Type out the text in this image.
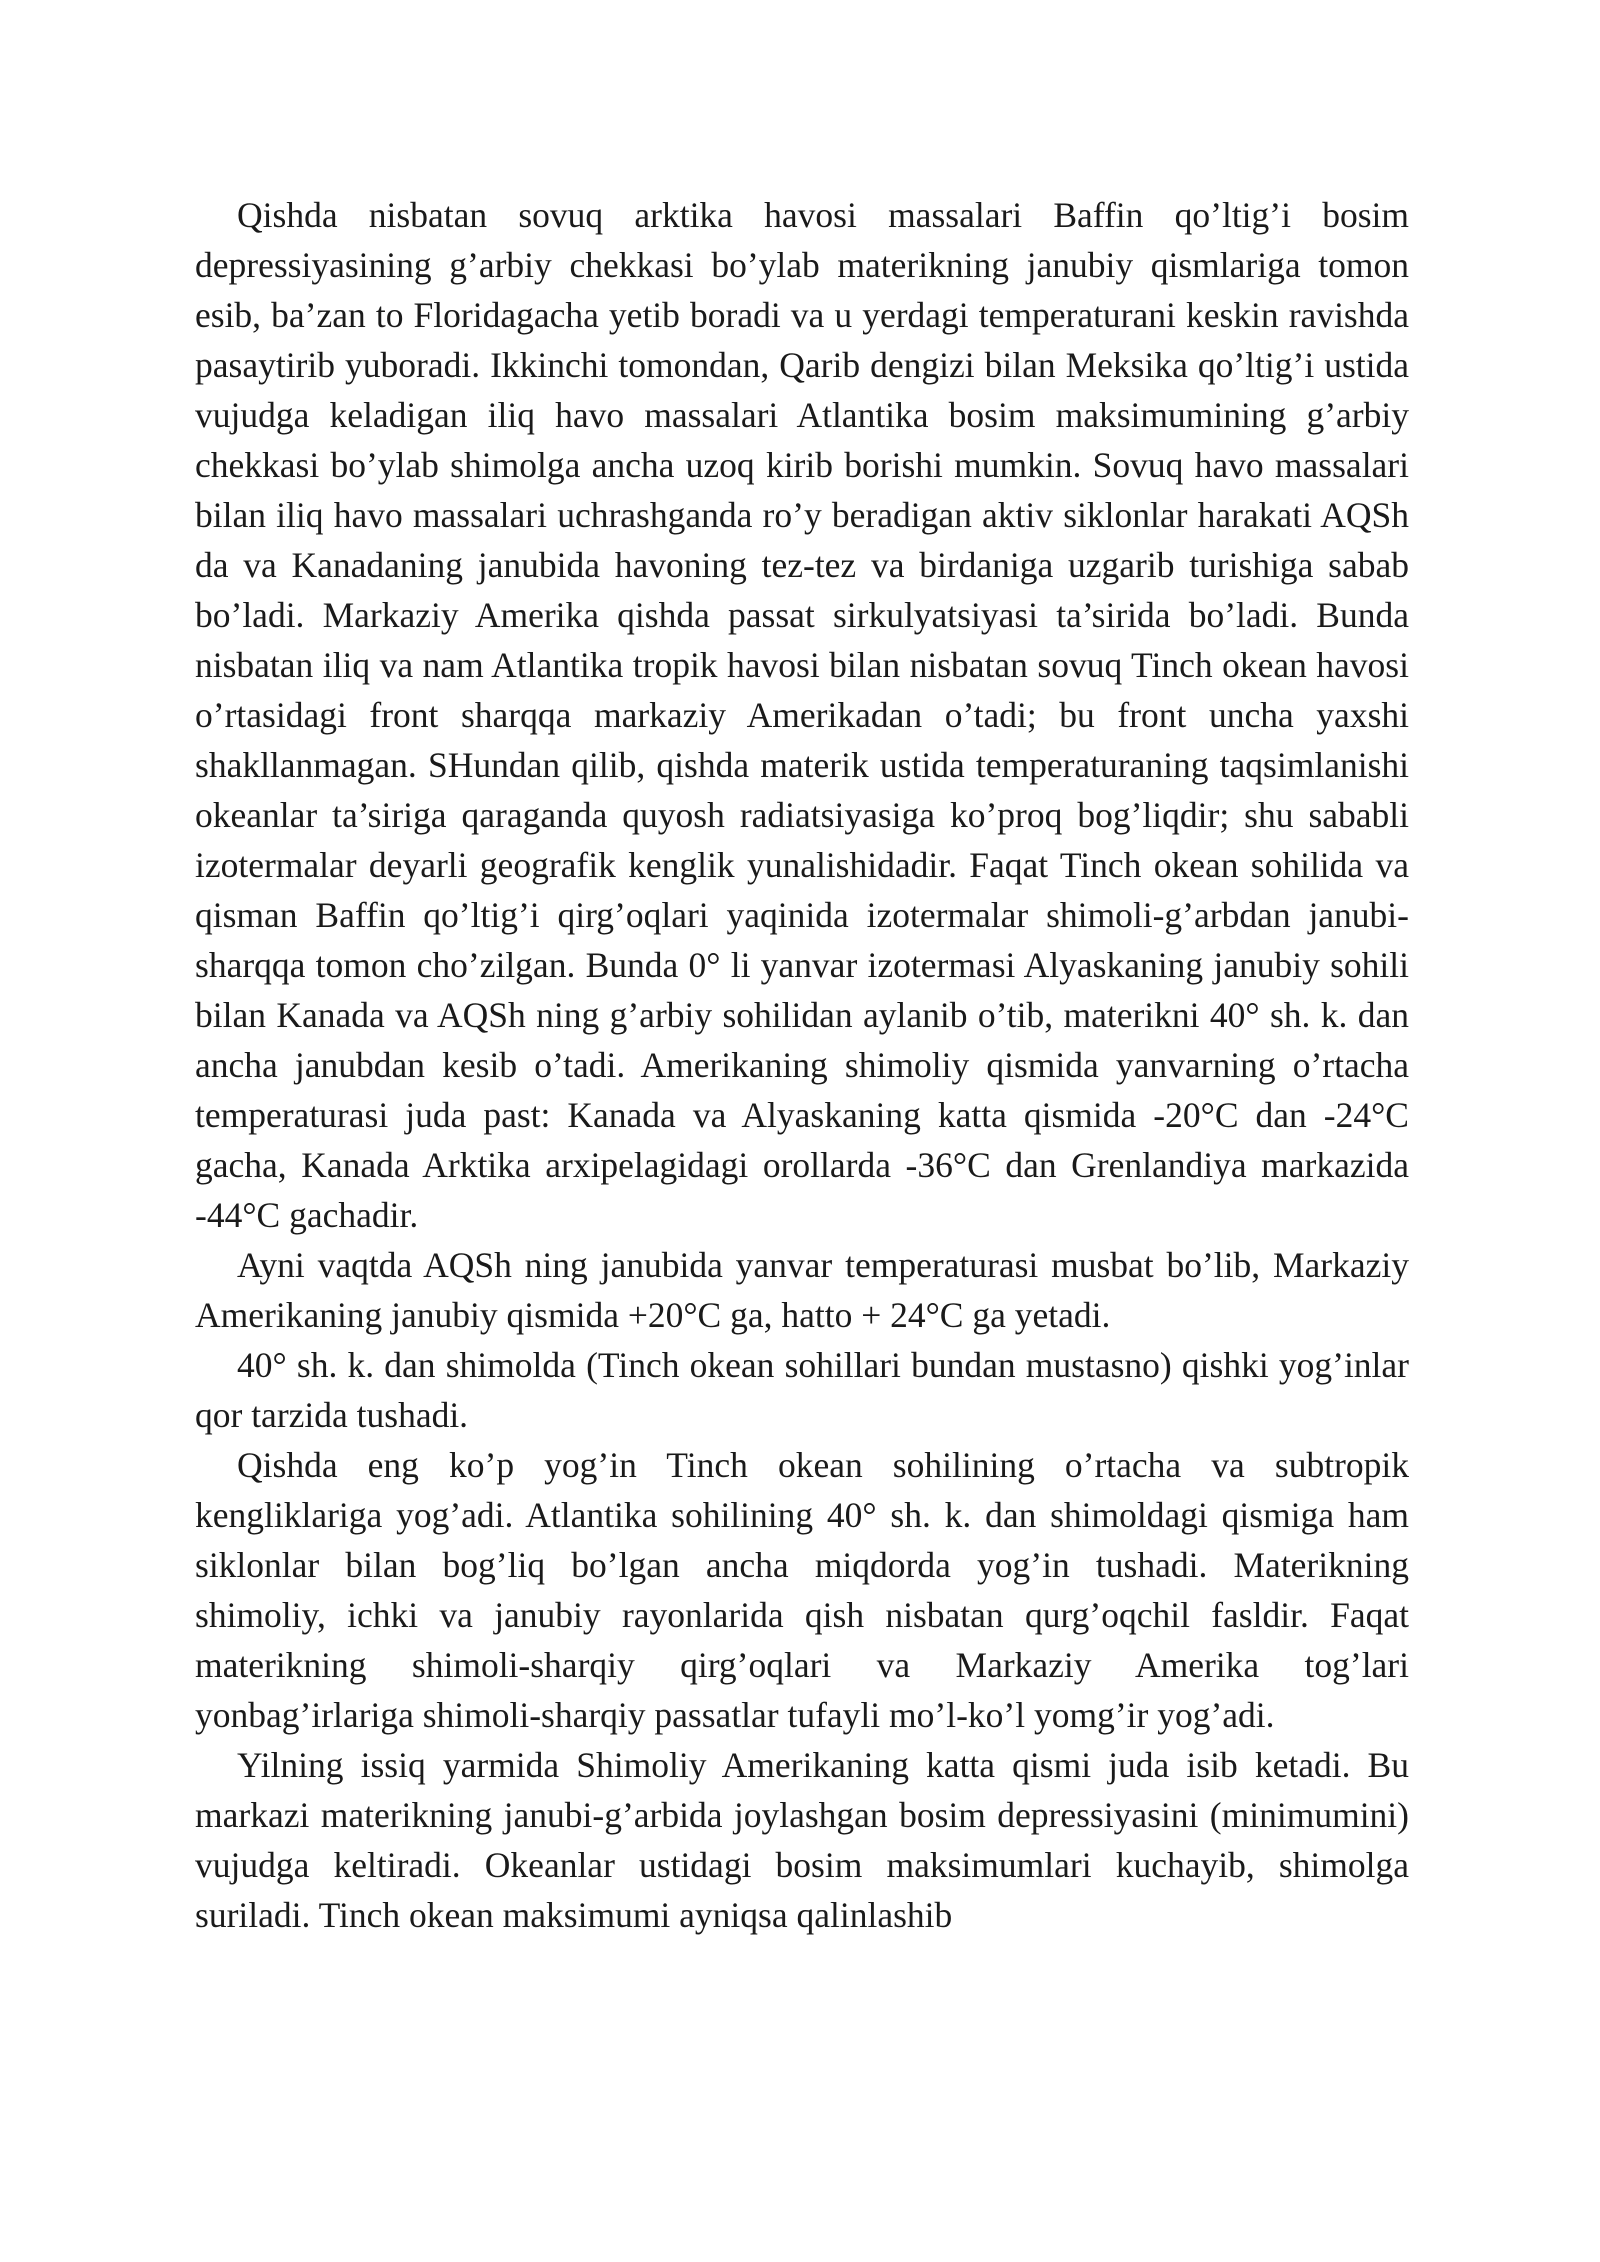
Qishda nisbatan sovuq arktika havosi massalari Baffin qo’ltig’i bosim depressiyasining g’arbiy chekkasi bo’ylab materikning janubiy qismlariga tomon esib, ba’zan to Floridagacha yetib boradi va u yerdagi temperaturani keskin ravishda pasaytirib yuboradi. Ikkinchi tomondan, Qarib dengizi bilan Meksika qo’ltig’i ustida vujudga keladigan iliq havo massalari Atlantika bosim maksimumining g’arbiy chekkasi bo’ylab shimolga ancha uzoq kirib borishi mumkin. Sovuq havo massalari bilan iliq havo massalari uchrashganda ro’y beradigan aktiv siklonlar harakati AQSh da va Kanadaning janubida havoning tez-tez va birdaniga uzgarib turishiga sabab bo’ladi. Markaziy Amerika qishda passat sirkulyatsiyasi ta’sirida bo’ladi. Bunda nisbatan iliq va nam Atlantika tropik havosi bilan nisbatan sovuq Tinch okean havosi o’rtasidagi front sharqqa markaziy Amerikadan o’tadi; bu front uncha yaxshi shakllanmagan. SHundan qilib, qishda materik ustida temperaturaning taqsimlanishi okeanlar ta’siriga qaraganda quyosh radiatsiyasiga ko’proq bog’liqdir; shu sababli izotermalar deyarli geografik kenglik yunalishidadir. Faqat Tinch okean sohilida va qisman Baffin qo’ltig’i qirg’oqlari yaqinida izotermalar shimoli-g’arbdan janubi-sharqqa tomon cho’zilgan. Bunda 0° li yanvar izotermasi Alyaskaning janubiy sohili bilan Kanada va AQSh ning g’arbiy sohilidan aylanib o’tib, materikni 40° sh. k. dan ancha janubdan kesib o’tadi. Amerikaning shimoliy qismida yanvarning o’rtacha temperaturasi juda past: Kanada va Alyaskaning katta qismida -20°C dan -24°C gacha, Kanada Arktika arxipelagidagi orollarda -36°C dan Grenlandiya markazida -44°C gachadir.

Ayni vaqtda AQSh ning janubida yanvar temperaturasi musbat bo’lib, Markaziy Amerikaning janubiy qismida +20°C ga, hatto + 24°C ga yetadi.

40° sh. k. dan shimolda (Tinch okean sohillari bundan mustasno) qishki yog’inlar qor tarzida tushadi.

Qishda eng ko’p yog’in Tinch okean sohilining o’rtacha va subtropik kengliklariga yog’adi. Atlantika sohilining 40° sh. k. dan shimoldagi qismiga ham siklonlar bilan bog’liq bo’lgan ancha miqdorda yog’in tushadi. Materikning shimoliy, ichki va janubiy rayonlarida qish nisbatan qurg’oqchil fasldir. Faqat materikning shimoli-sharqiy qirg’oqlari va Markaziy Amerika tog’lari yonbag’irlariga shimoli-sharqiy passatlar tufayli mo’l-ko’l yomg’ir yog’adi.

Yilning issiq yarmida Shimoliy Amerikaning katta qismi juda isib ketadi. Bu markazi materikning janubi-g’arbida joylashgan bosim depressiyasini (minimumini) vujudga keltiradi. Okeanlar ustidagi bosim maksimumlari kuchayib, shimolga suriladi. Tinch okean maksimumi ayniqsa qalinlashib
